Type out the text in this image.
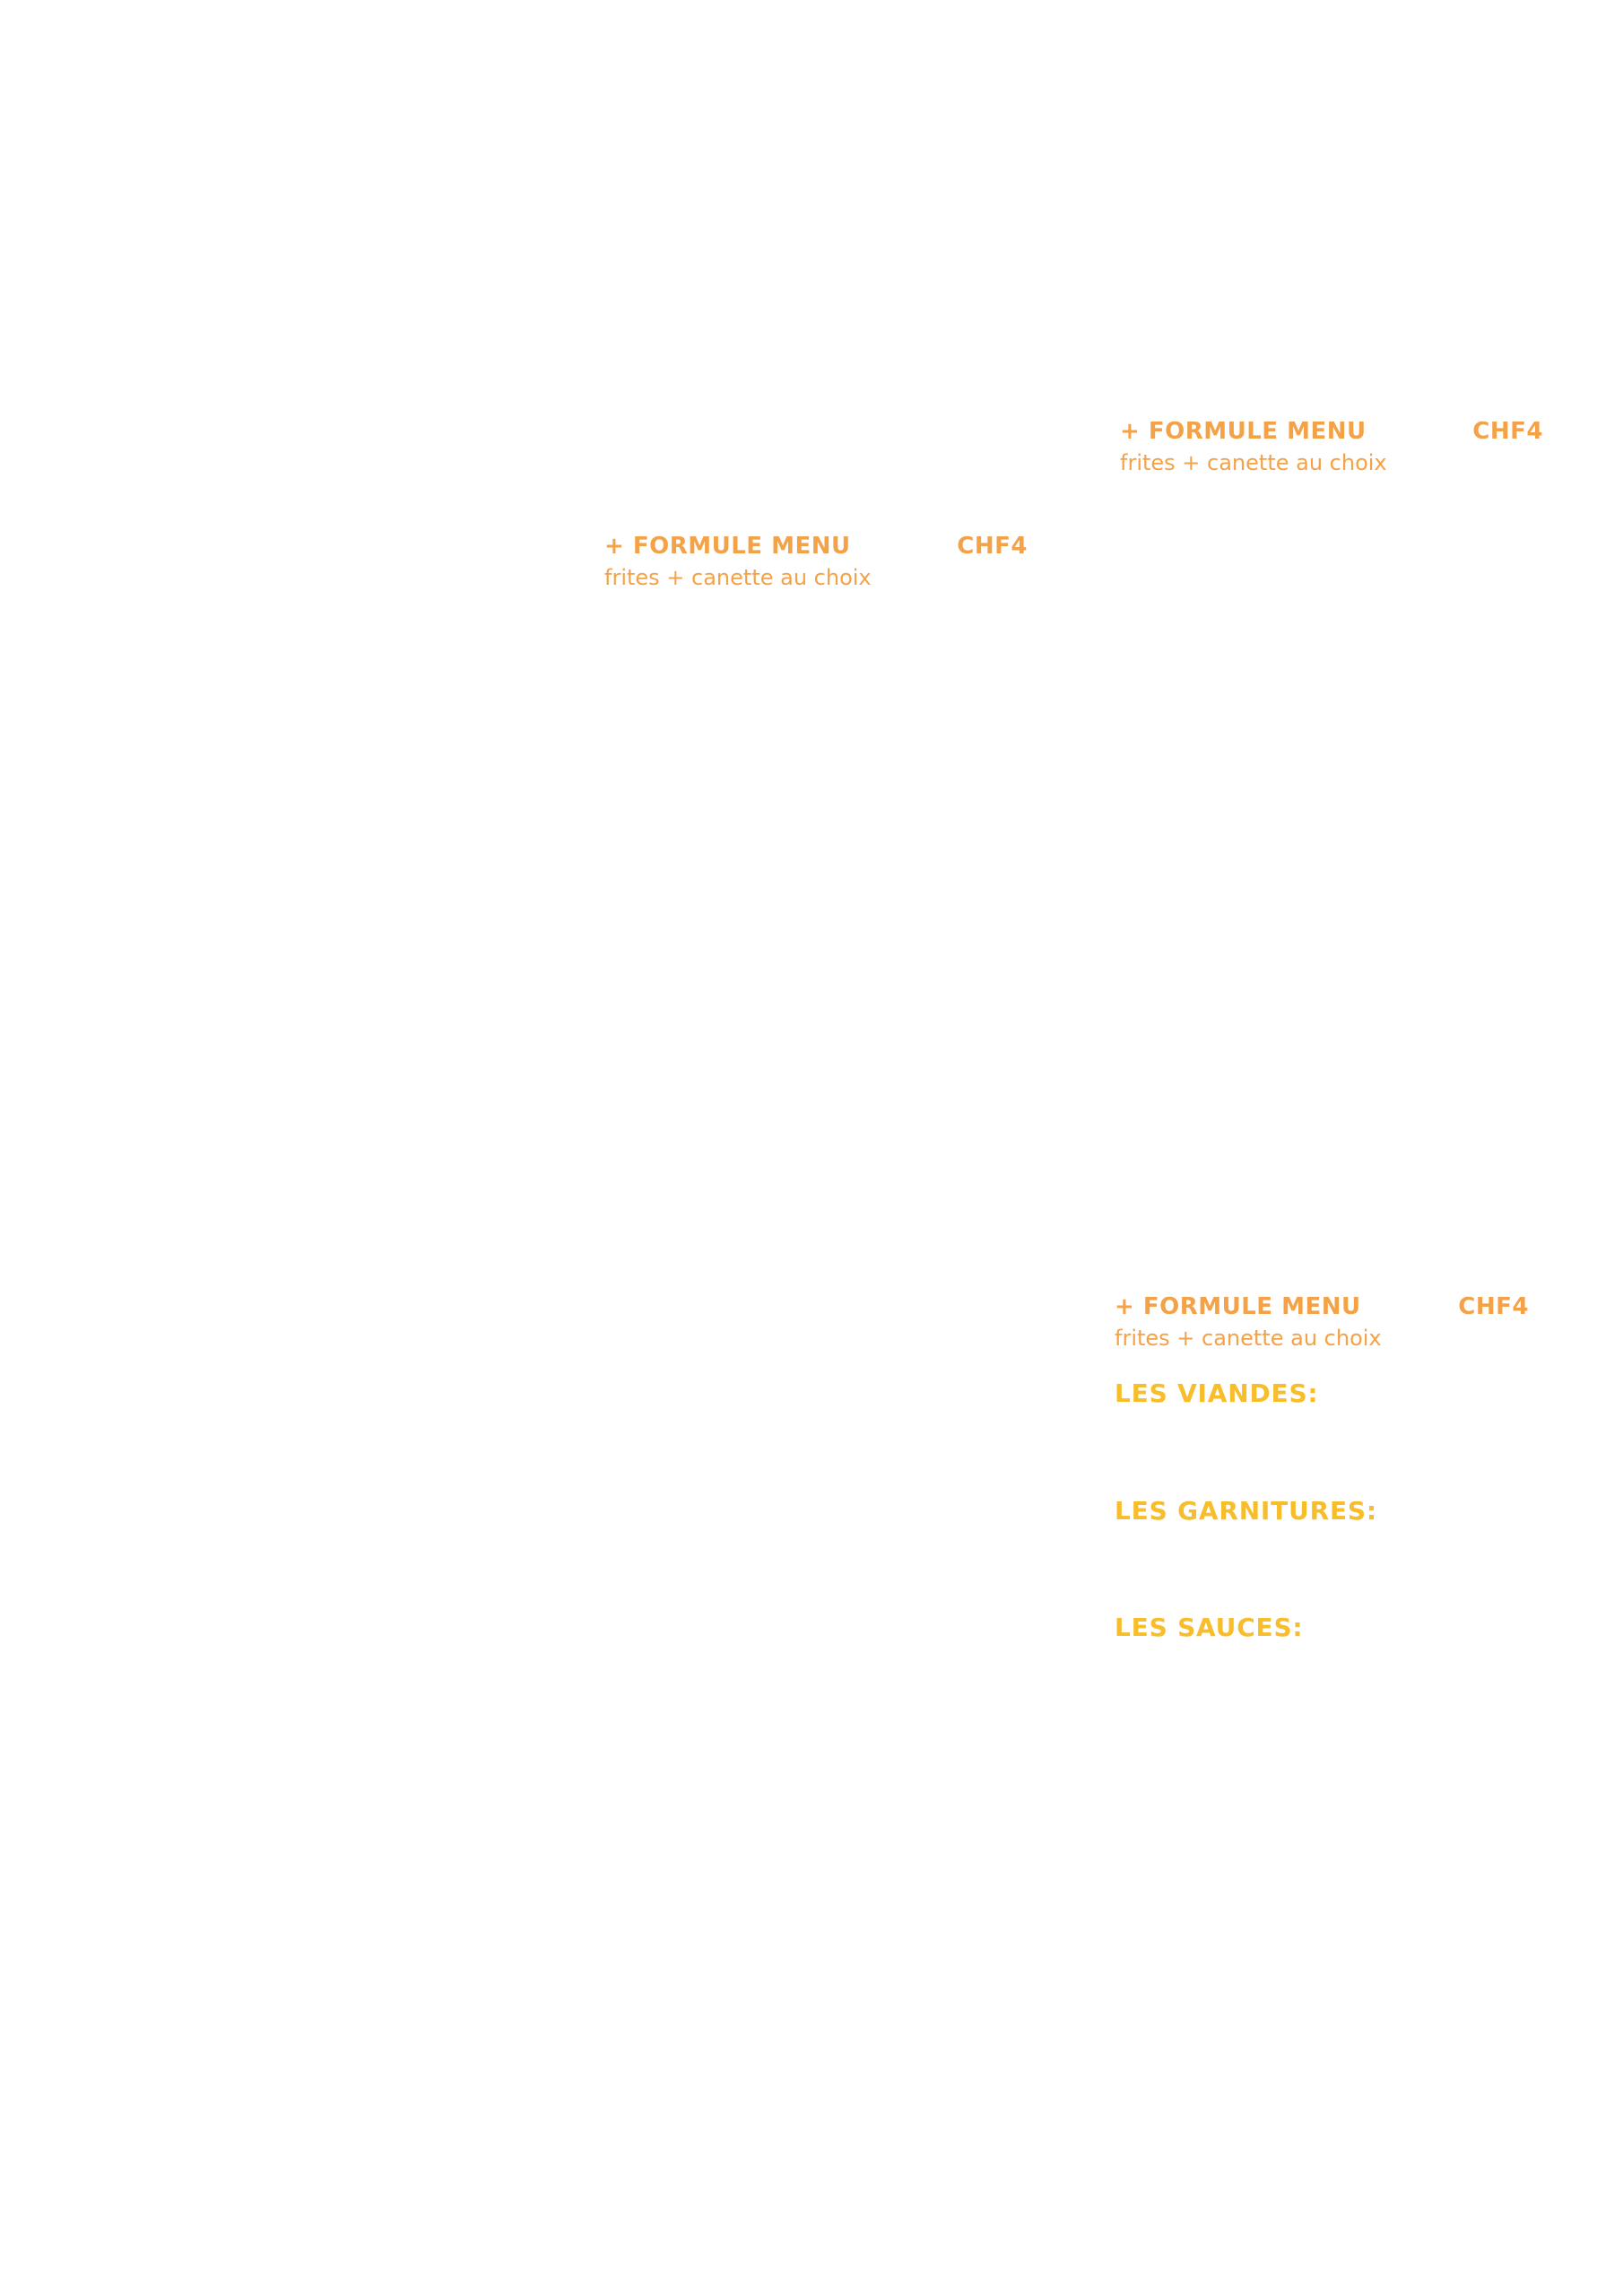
+ FORMULE MENU	CHF4
frites + canette au choix
+ FORMULE MENU	CHF4
frites + canette au choix
+ FORMULE MENU	CHF4
frites + canette au choix
LES VIANDES:
LES GARNITURES:
LES SAUCES:
